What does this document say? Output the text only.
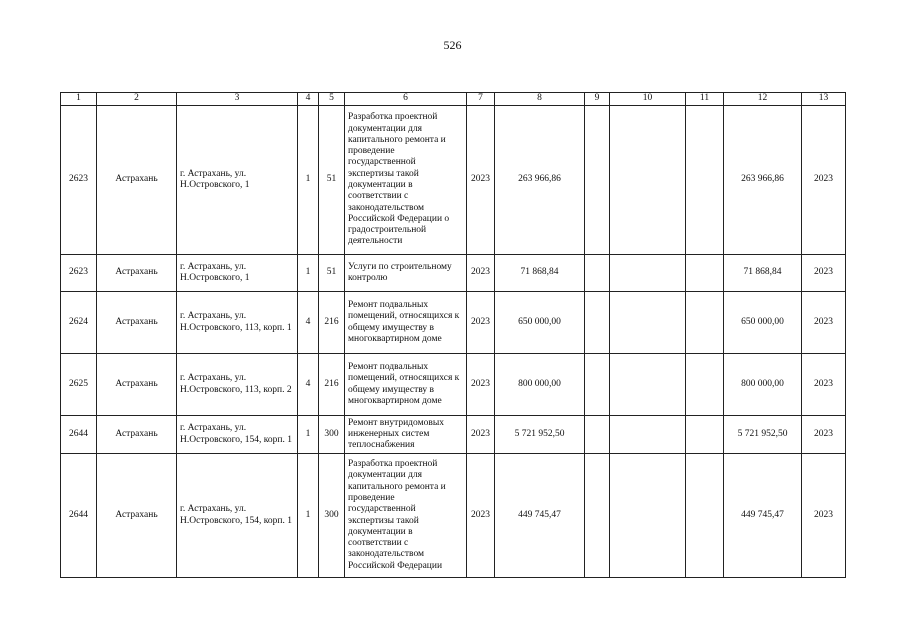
526
1	2	3	4	5	6	7	8	9	10	11	12	13
2623	Астрахань	г. Астрахань, ул. Н.Островского, 1	1	51	Разработка проектной документации для капитального ремонта и проведение государственной экспертизы такой документации в соответствии с законодательством Российской Федерации о градостроительной деятельности	2023	263 966,86				263 966,86	2023
2623	Астрахань	г. Астрахань, ул. Н.Островского, 1	1	51	Услуги по строительному контролю	2023	71 868,84				71 868,84	2023
2624	Астрахань	г. Астрахань, ул. Н.Островского, 113, корп. 1	4	216	Ремонт подвальных помещений, относящихся к общему имуществу в многоквартирном доме	2023	650 000,00				650 000,00	2023
2625	Астрахань	г. Астрахань, ул. Н.Островского, 113, корп. 2	4	216	Ремонт подвальных помещений, относящихся к общему имуществу в многоквартирном доме	2023	800 000,00				800 000,00	2023
2644	Астрахань	г. Астрахань, ул. Н.Островского, 154, корп. 1	1	300	Ремонт внутридомовых инженерных систем теплоснабжения	2023	5 721 952,50				5 721 952,50	2023
2644	Астрахань	г. Астрахань, ул. Н.Островского, 154, корп. 1	1	300	Разработка проектной документации для капитального ремонта и проведение государственной экспертизы такой документации в соответствии с законодательством Российской Федерации	2023	449 745,47				449 745,47	2023
